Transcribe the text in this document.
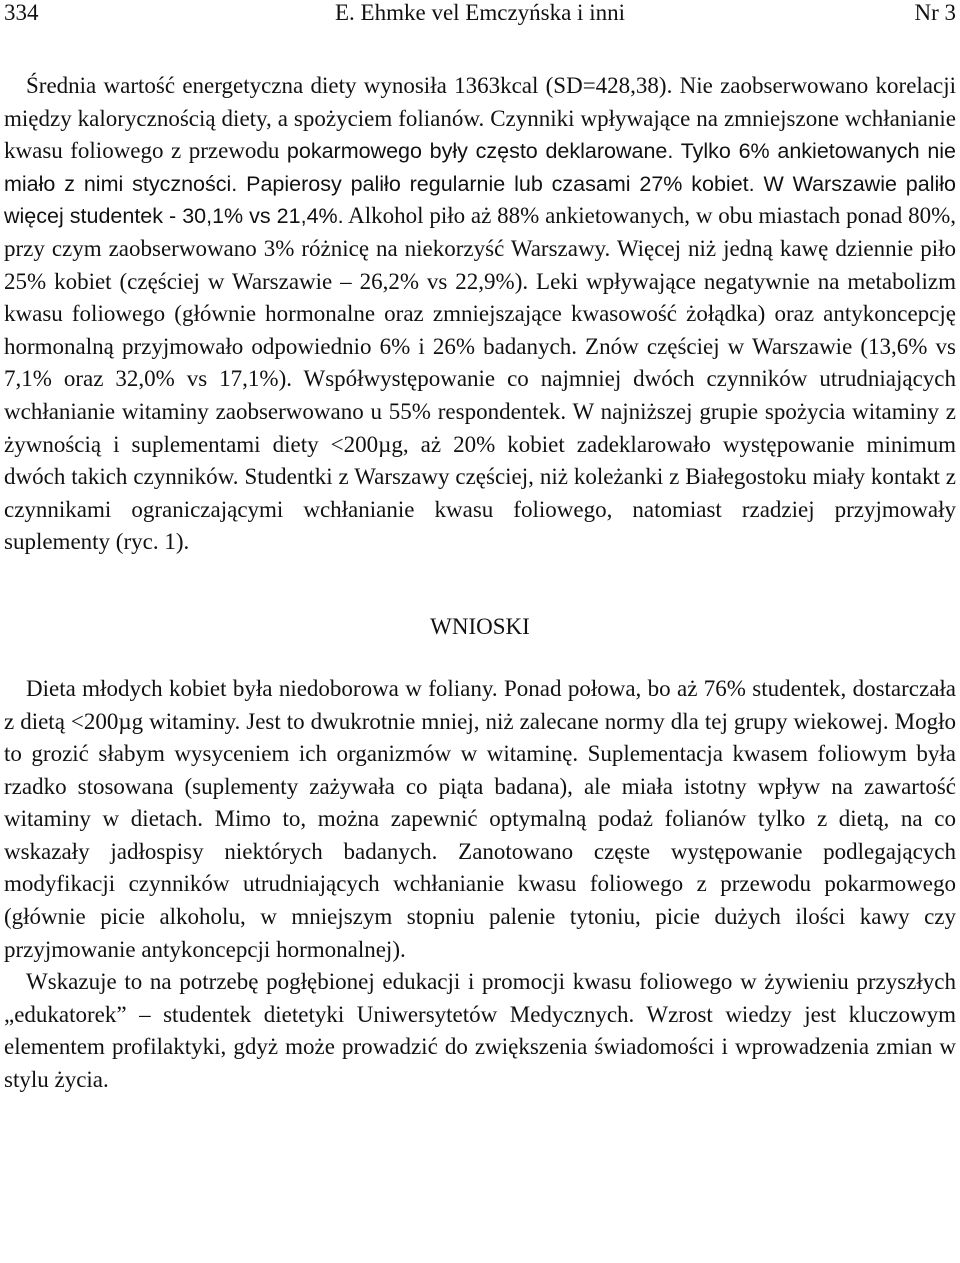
334	E. Ehmke vel Emczyńska i inni	Nr 3

Średnia wartość energetyczna diety wynosiła 1363kcal (SD=428,38). Nie zaobserwowano korelacji między kalorycznością diety, a spożyciem folianów. Czynniki wpływające na zmniejszone wchłanianie kwasu foliowego z przewodu pokarmowego były często deklarowane. Tylko 6% ankietowanych nie miało z nimi styczności. Papierosy paliło regularnie lub czasami 27% kobiet. W Warszawie paliło więcej studentek - 30,1% vs 21,4%. Alkohol piło aż 88% ankietowanych, w obu miastach ponad 80%, przy czym zaobserwowano 3% różnicę na niekorzyść Warszawy. Więcej niż jedną kawę dziennie piło 25% kobiet (częściej w Warszawie – 26,2% vs 22,9%). Leki wpływające negatywnie na metabolizm kwasu foliowego (głównie hormonalne oraz zmniejszające kwasowość żołądka) oraz antykoncepcję hormonalną przyjmowało odpowiednio 6% i 26% badanych. Znów częściej w Warszawie (13,6% vs 7,1% oraz 32,0% vs 17,1%). Współwystępowanie co najmniej dwóch czynników utrudniających wchłanianie witaminy zaobserwowano u 55% respondentek. W najniższej grupie spożycia witaminy z żywnością i suplementami diety <200µg, aż 20% kobiet zadeklarowało występowanie minimum dwóch takich czynników. Studentki z Warszawy częściej, niż koleżanki z Białegostoku miały kontakt z czynnikami ograniczającymi wchłanianie kwasu foliowego, natomiast rzadziej przyjmowały suplementy (ryc. 1).

WNIOSKI

Dieta młodych kobiet była niedoborowa w foliany. Ponad połowa, bo aż 76% studentek, dostarczała z dietą <200µg witaminy. Jest to dwukrotnie mniej, niż zalecane normy dla tej grupy wiekowej. Mogło to grozić słabym wysyceniem ich organizmów w witaminę. Suplementacja kwasem foliowym była rzadko stosowana (suplementy zażywała co piąta badana), ale miała istotny wpływ na zawartość witaminy w dietach. Mimo to, można zapewnić optymalną podaż folianów tylko z dietą, na co wskazały jadłospisy niektórych badanych. Zanotowano częste występowanie podlegających modyfikacji czynników utrudniających wchłanianie kwasu foliowego z przewodu pokarmowego (głównie picie alkoholu, w mniejszym stopniu palenie tytoniu, picie dużych ilości kawy czy przyjmowanie antykoncepcji hormonalnej).

Wskazuje to na potrzebę pogłębionej edukacji i promocji kwasu foliowego w żywieniu przyszłych „edukatorek” – studentek dietetyki Uniwersytetów Medycznych. Wzrost wiedzy jest kluczowym elementem profilaktyki, gdyż może prowadzić do zwiększenia świadomości i wprowadzenia zmian w stylu życia.
